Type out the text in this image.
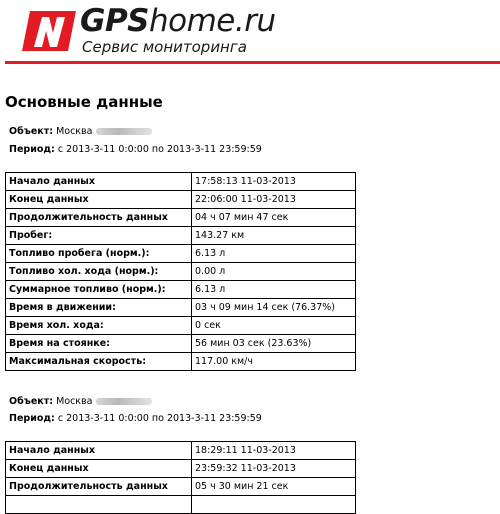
GPShome.ru
Сервис мониторинга
Основные данные
Объект: Москва
Период: с 2013-3-11 0:0:00 по 2013-3-11 23:59:59
Начало данных	17:58:13 11-03-2013
Конец данных	22:06:00 11-03-2013
Продолжительность данных	04 ч 07 мин 47 сек
Пробег:	143.27 км
Топливо пробега (норм.):	6.13 л
Топливо хол. хода (норм.):	0.00 л
Суммарное топливо (норм.):	6.13 л
Время в движении:	03 ч 09 мин 14 сек (76.37%)
Время хол. хода:	0 сек
Время на стоянке:	56 мин 03 сек (23.63%)
Максимальная скорость:	117.00 км/ч
Объект: Москва
Период: с 2013-3-11 0:0:00 по 2013-3-11 23:59:59
Начало данных	18:29:11 11-03-2013
Конец данных	23:59:32 11-03-2013
Продолжительность данных	05 ч 30 мин 21 сек
